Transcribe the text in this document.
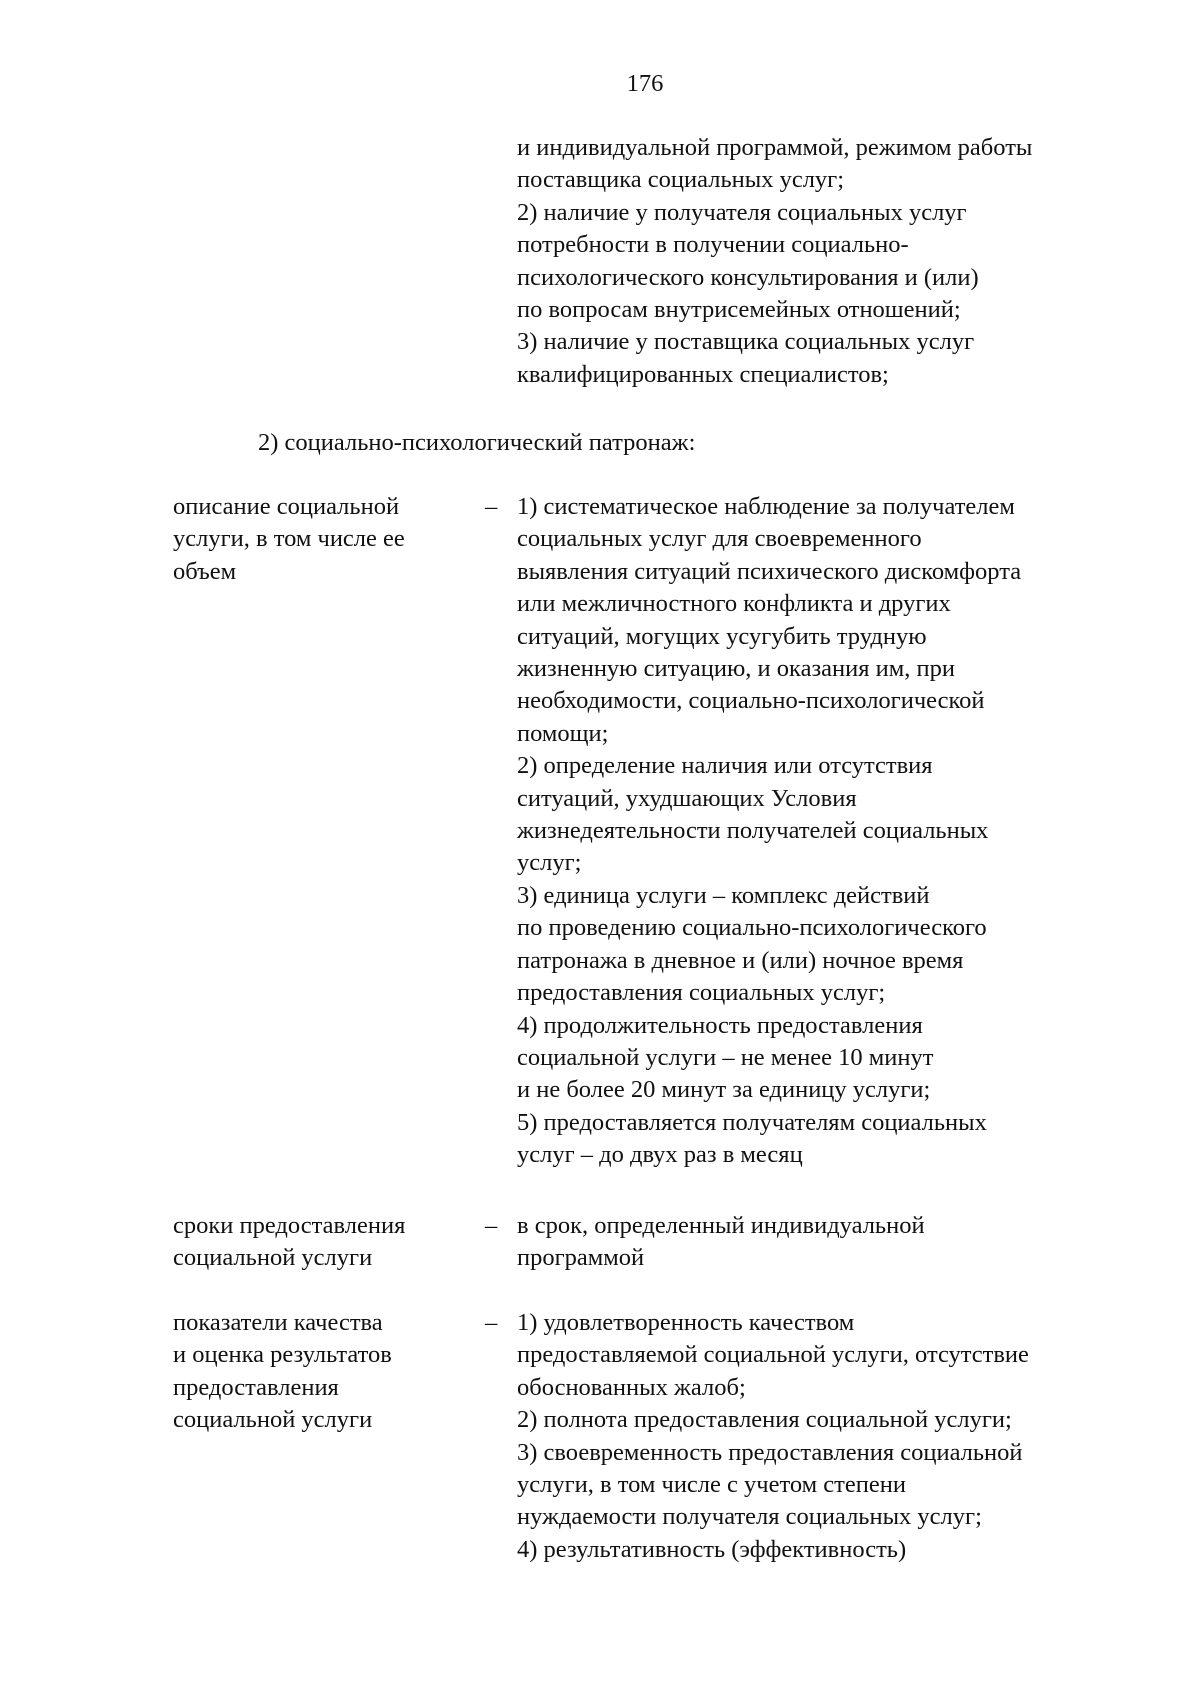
176
и индивидуальной программой, режимом работы
поставщика социальных услуг;
2) наличие у получателя социальных услуг
потребности в получении социально-
психологического консультирования и (или)
по вопросам внутрисемейных отношений;
3) наличие у поставщика социальных услуг
квалифицированных специалистов;
2) социально-психологический патронаж:
описание социальной
услуги, в том числе ее
объем
– 1) систематическое наблюдение за получателем
социальных услуг для своевременного
выявления ситуаций психического дискомфорта
или межличностного конфликта и других
ситуаций, могущих усугубить трудную
жизненную ситуацию, и оказания им, при
необходимости, социально-психологической
помощи;
2) определение наличия или отсутствия
ситуаций, ухудшающих Условия
жизнедеятельности получателей социальных
услуг;
3) единица услуги – комплекс действий
по проведению социально-психологического
патронажа в дневное и (или) ночное время
предоставления социальных услуг;
4) продолжительность предоставления
социальной услуги – не менее 10 минут
и не более 20 минут за единицу услуги;
5) предоставляется получателям социальных
услуг – до двух раз в месяц
сроки предоставления
социальной услуги
– в срок, определенный индивидуальной
программой
показатели качества
и оценка результатов
предоставления
социальной услуги
– 1) удовлетворенность качеством
предоставляемой социальной услуги, отсутствие
обоснованных жалоб;
2) полнота предоставления социальной услуги;
3) своевременность предоставления социальной
услуги, в том числе с учетом степени
нуждаемости получателя социальных услуг;
4) результативность (эффективность)
